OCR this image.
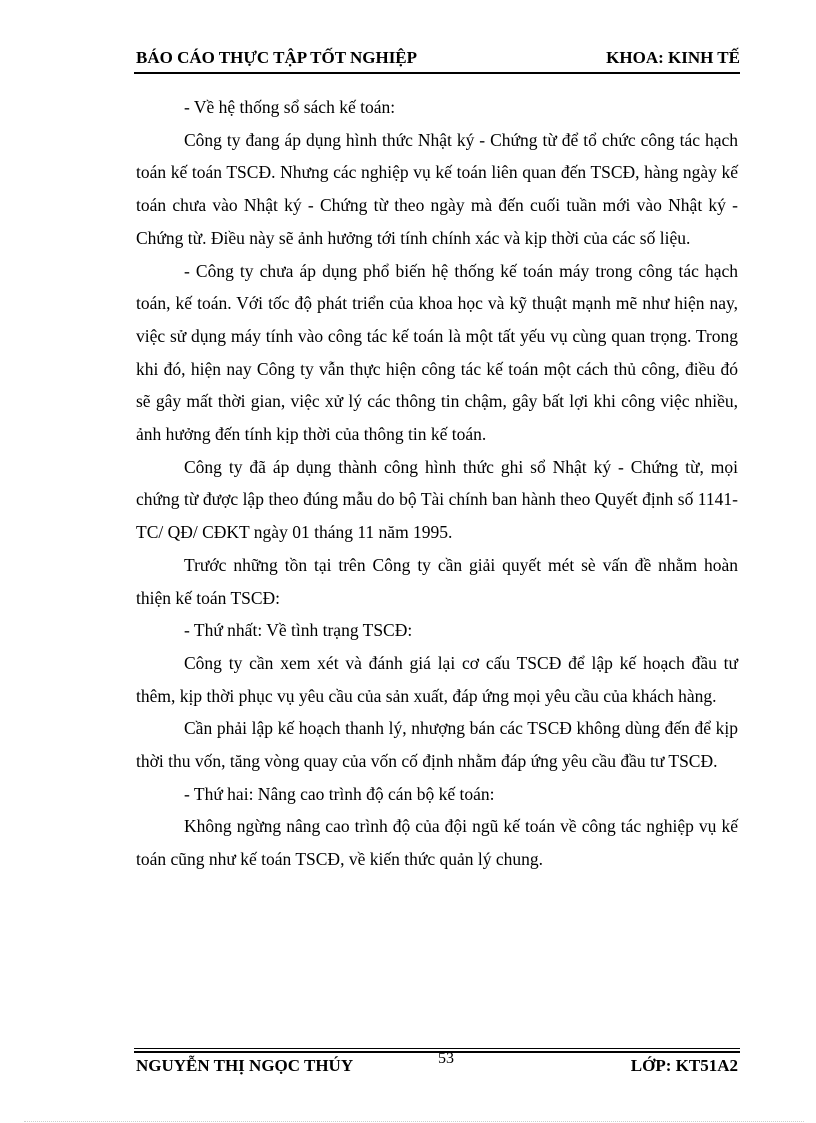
BÁO CÁO THỰC TẬP TỐT NGHIỆP	KHOA: KINH TẾ

- Về hệ thống sổ sách kế toán:

Công ty đang áp dụng hình thức Nhật ký - Chứng từ để tổ chức công tác hạch toán kế toán TSCĐ. Nhưng các nghiệp vụ kế toán liên quan đến TSCĐ, hàng ngày kế toán chưa vào Nhật ký - Chứng từ theo ngày mà đến cuối tuần mới vào Nhật ký - Chứng từ. Điều này sẽ ảnh hưởng tới tính chính xác và kịp thời của các số liệu.

- Công ty chưa áp dụng phổ biến hệ thống kế toán máy trong công tác hạch toán, kế toán. Với tốc độ phát triển của khoa học và kỹ thuật mạnh mẽ như hiện nay, việc sử dụng máy tính vào công tác kế toán là một tất yếu vụ cùng quan trọng. Trong khi đó, hiện nay Công ty vẫn thực hiện công tác kế toán một cách thủ công, điều đó sẽ gây mất thời gian, việc xử lý các thông tin chậm, gây bất lợi khi công việc nhiều, ảnh hưởng đến tính kịp thời của thông tin kế toán.

Công ty đã áp dụng thành công hình thức ghi sổ Nhật ký - Chứng từ, mọi chứng từ được lập theo đúng mẫu do bộ Tài chính ban hành theo Quyết định số 1141-TC/ QĐ/ CĐKT ngày 01 tháng 11 năm 1995.

Trước những tồn tại trên Công ty cần giải quyết mét sè vấn đề nhằm hoàn thiện kế toán TSCĐ:

- Thứ nhất: Về tình trạng TSCĐ:

Công ty cần xem xét và đánh giá lại cơ cấu TSCĐ để lập kế hoạch đầu tư thêm, kịp thời phục vụ yêu cầu của sản xuất, đáp ứng mọi yêu cầu của khách hàng.

Cần phải lập kế hoạch thanh lý, nhượng bán các TSCĐ không dùng đến để kịp thời thu vốn, tăng vòng quay của vốn cố định nhằm đáp ứng yêu cầu đầu tư TSCĐ.

- Thứ hai: Nâng cao trình độ cán bộ kế toán:

Không ngừng nâng cao trình độ của đội ngũ kế toán về công tác nghiệp vụ kế toán cũng như kế toán TSCĐ, về kiến thức quản lý chung.

NGUYỄN THỊ NGỌC THÚY	53	LỚP: KT51A2
